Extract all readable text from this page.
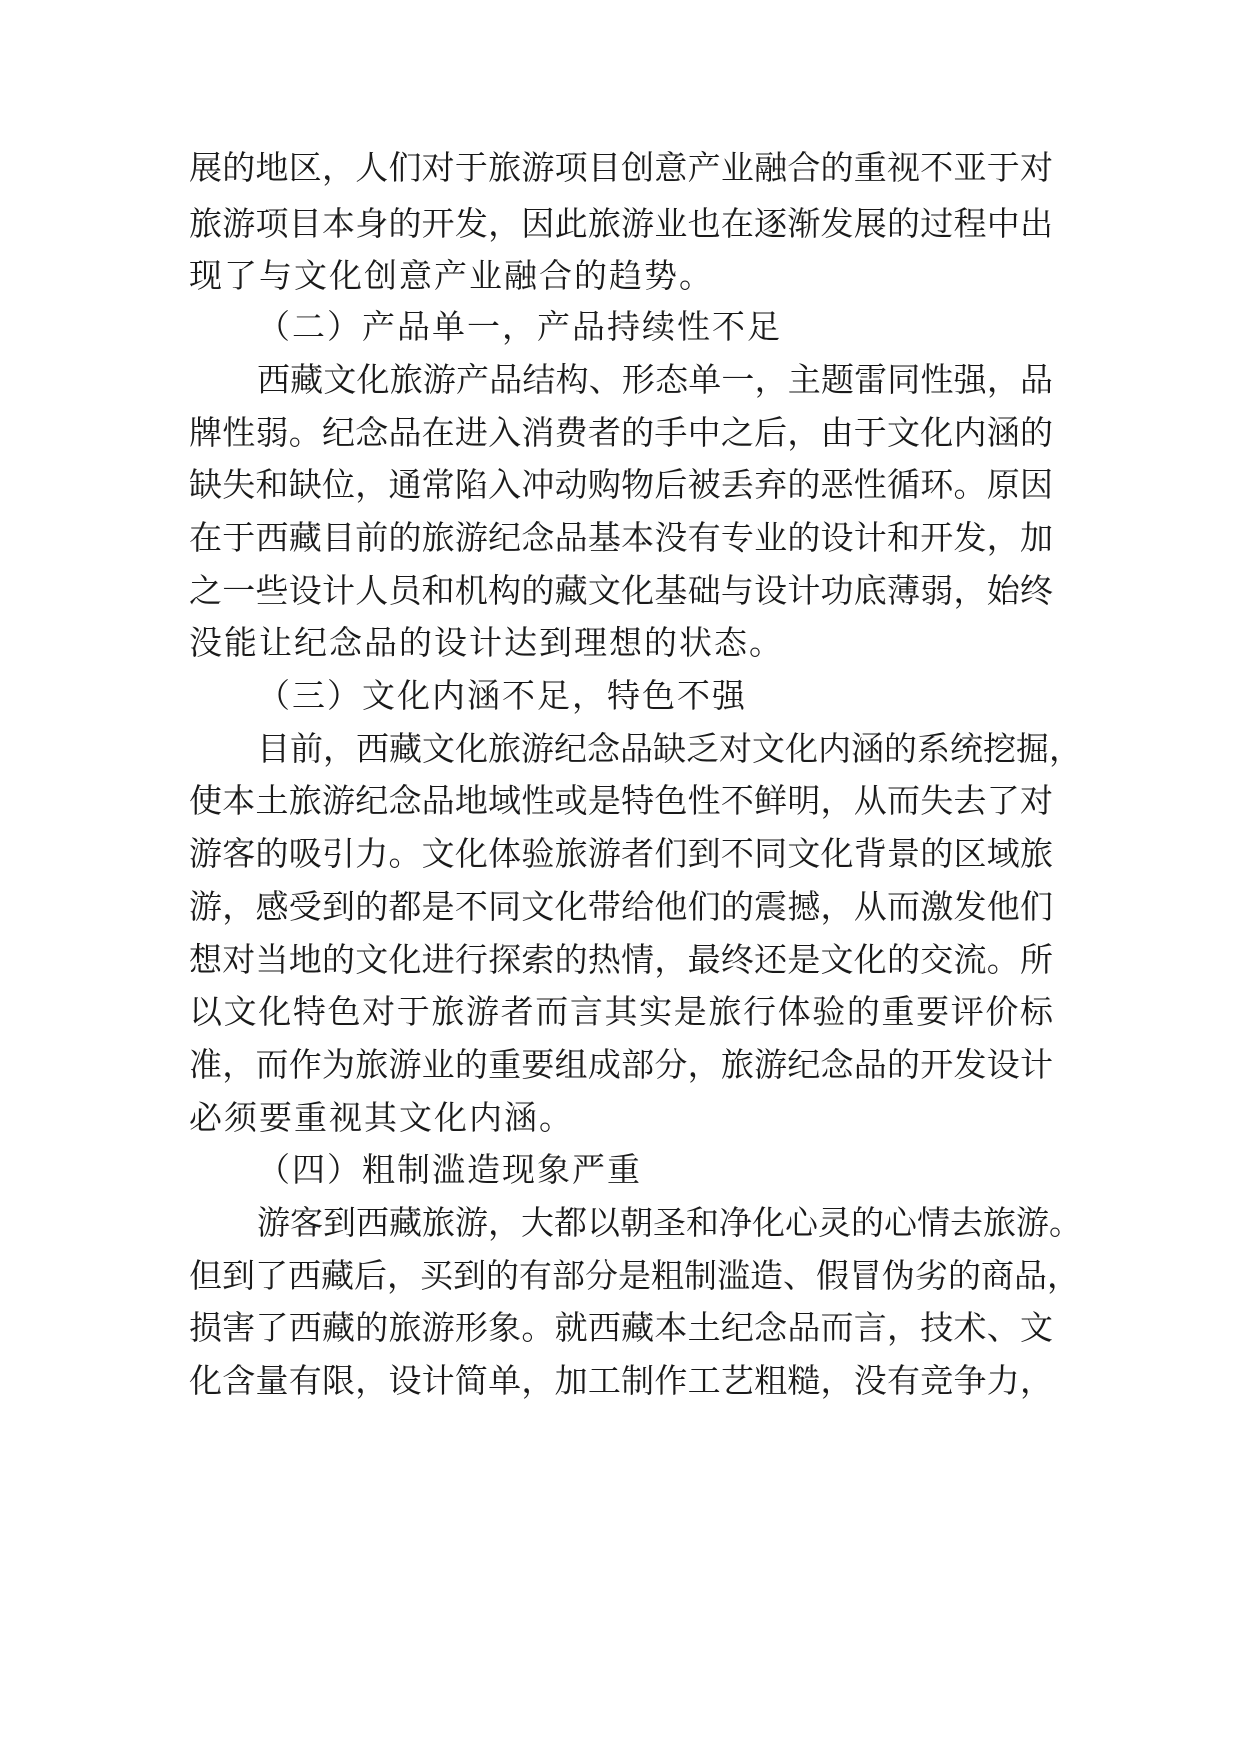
展的地区，人们对于旅游项目创意产业融合的重视不亚于对
旅游项目本身的开发，因此旅游业也在逐渐发展的过程中出
现了与文化创意产业融合的趋势。
（二）产品单一，产品持续性不足
西藏文化旅游产品结构、形态单一，主题雷同性强，品
牌性弱。纪念品在进入消费者的手中之后，由于文化内涵的
缺失和缺位，通常陷入冲动购物后被丢弃的恶性循环。原因
在于西藏目前的旅游纪念品基本没有专业的设计和开发，加
之一些设计人员和机构的藏文化基础与设计功底薄弱，始终
没能让纪念品的设计达到理想的状态。
（三）文化内涵不足，特色不强
目前，西藏文化旅游纪念品缺乏对文化内涵的系统挖掘，
使本土旅游纪念品地域性或是特色性不鲜明，从而失去了对
游客的吸引力。文化体验旅游者们到不同文化背景的区域旅
游，感受到的都是不同文化带给他们的震撼，从而激发他们
想对当地的文化进行探索的热情，最终还是文化的交流。所
以文化特色对于旅游者而言其实是旅行体验的重要评价标
准，而作为旅游业的重要组成部分，旅游纪念品的开发设计
必须要重视其文化内涵。
（四）粗制滥造现象严重
游客到西藏旅游，大都以朝圣和净化心灵的心情去旅游。
但到了西藏后，买到的有部分是粗制滥造、假冒伪劣的商品，
损害了西藏的旅游形象。就西藏本土纪念品而言，技术、文
化含量有限，设计简单，加工制作工艺粗糙，没有竞争力，
